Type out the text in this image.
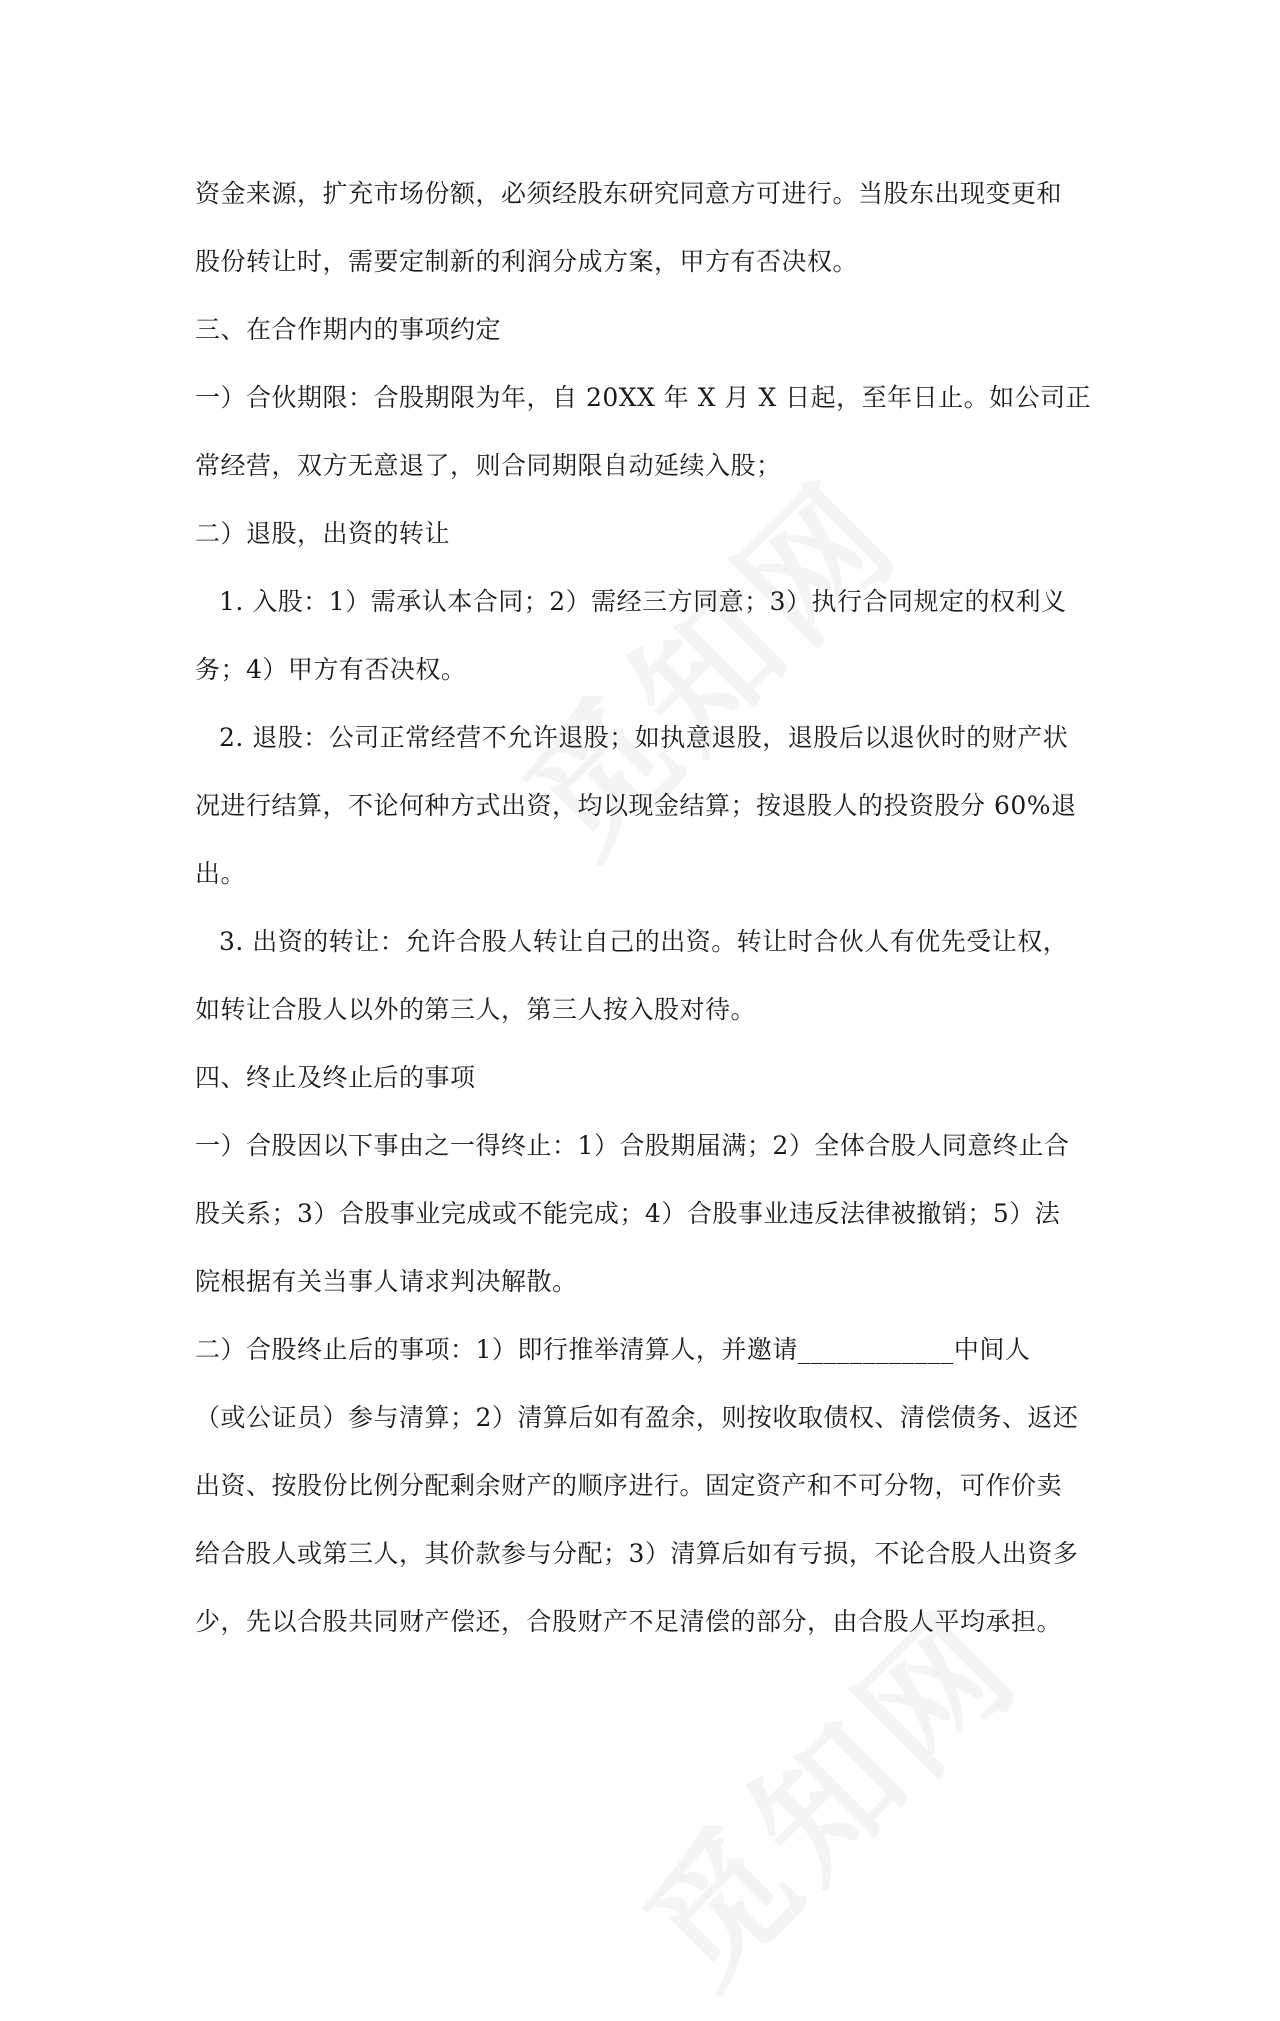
资金来源，扩充市场份额，必须经股东研究同意方可进行。当股东出现变更和
股份转让时，需要定制新的利润分成方案，甲方有否决权。
三、在合作期内的事项约定
一）合伙期限：合股期限为年，自 20XX 年 X 月 X 日起，至年日止。如公司正
常经营，双方无意退了，则合同期限自动延续入股；
二）退股，出资的转让
1. 入股：1）需承认本合同；2）需经三方同意；3）执行合同规定的权利义
务；4）甲方有否决权。
2. 退股：公司正常经营不允许退股；如执意退股，退股后以退伙时的财产状
况进行结算，不论何种方式出资，均以现金结算；按退股人的投资股分 60%退
出。
3. 出资的转让：允许合股人转让自己的出资。转让时合伙人有优先受让权，
如转让合股人以外的第三人，第三人按入股对待。
四、终止及终止后的事项
一）合股因以下事由之一得终止：1）合股期届满；2）全体合股人同意终止合
股关系；3）合股事业完成或不能完成；4）合股事业违反法律被撤销；5）法
院根据有关当事人请求判决解散。
二）合股终止后的事项：1）即行推举清算人，并邀请____________中间人
（或公证员）参与清算；2）清算后如有盈余，则按收取债权、清偿债务、返还
出资、按股份比例分配剩余财产的顺序进行。固定资产和不可分物，可作价卖
给合股人或第三人，其价款参与分配；3）清算后如有亏损，不论合股人出资多
少，先以合股共同财产偿还，合股财产不足清偿的部分，由合股人平均承担。
